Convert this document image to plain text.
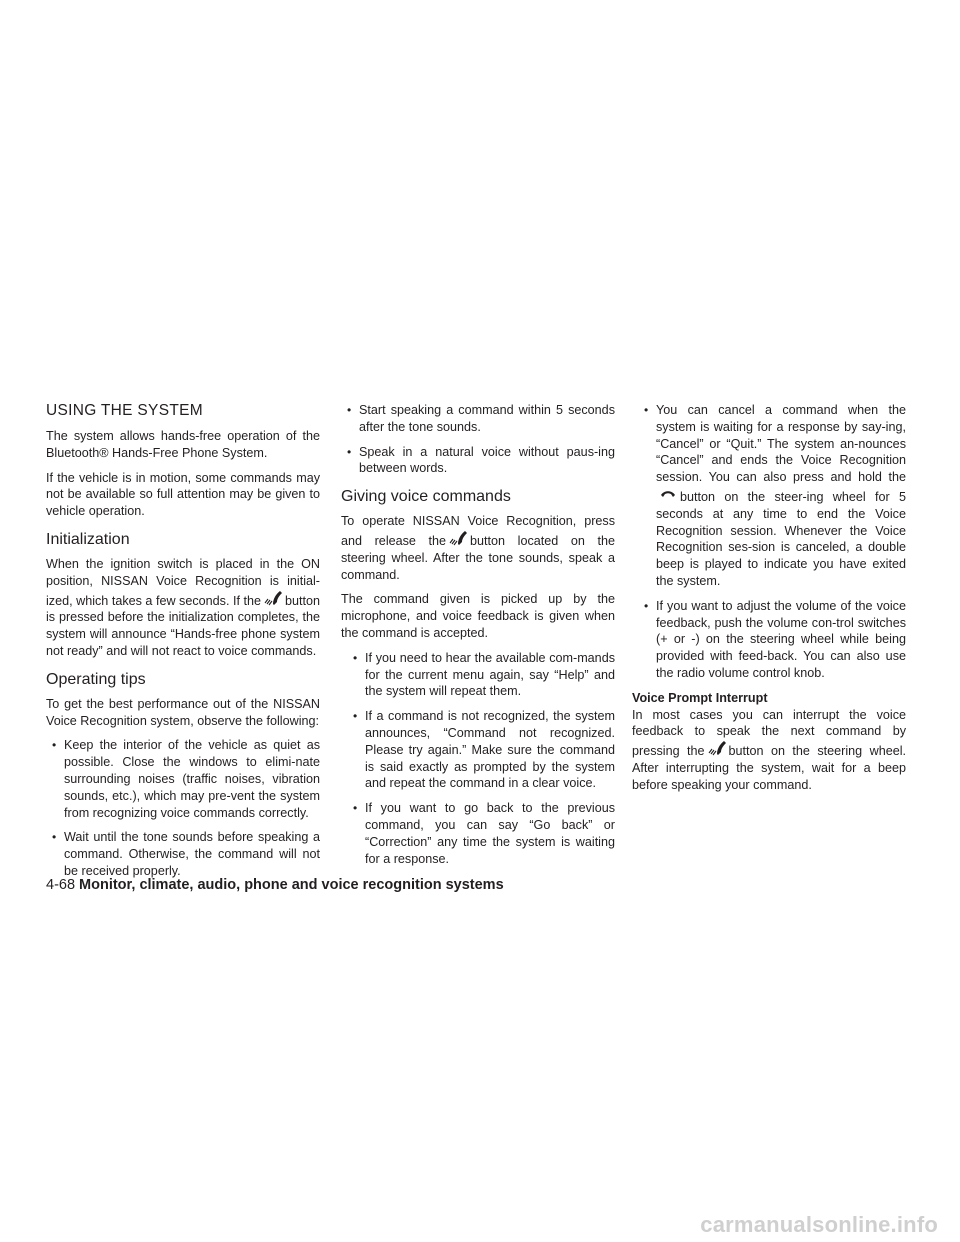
USING THE SYSTEM

The system allows hands-free operation of the Bluetooth® Hands-Free Phone System.

If the vehicle is in motion, some commands may not be available so full attention may be given to vehicle operation.

Initialization

When the ignition switch is placed in the ON position, NISSAN Voice Recognition is initial-ized, which takes a few seconds. If the button is pressed before the initialization completes, the system will announce “Hands-free phone system not ready” and will not react to voice commands.

Operating tips

To get the best performance out of the NISSAN Voice Recognition system, observe the following:

• Keep the interior of the vehicle as quiet as possible. Close the windows to elimi-nate surrounding noises (traffic noises, vibration sounds, etc.), which may pre-vent the system from recognizing voice commands correctly.
• Wait until the tone sounds before speaking a command. Otherwise, the command will not be received properly.
• Start speaking a command within 5 seconds after the tone sounds.
• Speak in a natural voice without paus-ing between words.
Giving voice commands

To operate NISSAN Voice Recognition, press and release the button located on the steering wheel. After the tone sounds, speak a command.

The command given is picked up by the microphone, and voice feedback is given when the command is accepted.

• If you need to hear the available com-mands for the current menu again, say “Help” and the system will repeat them.
• If a command is not recognized, the system announces, “Command not recognized. Please try again.” Make sure the command is said exactly as prompted by the system and repeat the command in a clear voice.
• If you want to go back to the previous command, you can say “Go back” or “Correction” any time the system is waiting for a response.
• You can cancel a command when the system is waiting for a response by say-ing, “Cancel” or “Quit.” The system an-nounces “Cancel” and ends the Voice Recognition session. You can also press and hold the
button on the steer-ing wheel for 5 seconds at any time to end the Voice Recognition session. Whenever the Voice Recognition ses-sion is canceled, a double beep is played to indicate you have exited the system.
• If you want to adjust the volume of the voice feedback, push the volume con-trol switches (+ or -) on the steering wheel while being provided with feed-back. You can also use the radio volume control knob.
Voice Prompt Interrupt

In most cases you can interrupt the voice feedback to speak the next command by pressing the button on the steering wheel. After interrupting the system, wait for a beep before speaking your command.

4-68 Monitor, climate, audio, phone and voice recognition systems
carmanualsonline.info
